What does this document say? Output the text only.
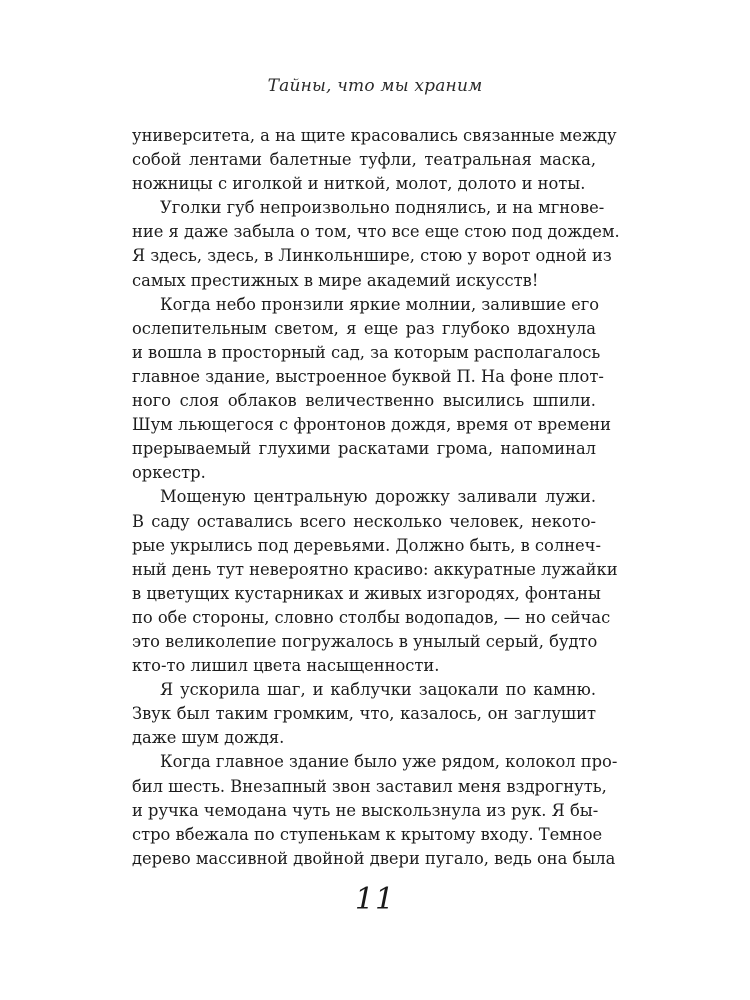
Тайны, что мы храним
университета, а на щите красовались связанные между
собой лентами балетные туфли, театральная маска,
ножницы с иголкой и ниткой, молот, долото и ноты.
Уголки губ непроизвольно поднялись, и на мгнове-
ние я даже забыла о том, что все еще стою под дождем.
Я здесь, здесь, в Линкольншире, стою у ворот одной из
самых престижных в мире академий искусств!
Когда небо пронзили яркие молнии, залившие его
ослепительным светом, я еще раз глубоко вдохнула
и вошла в просторный сад, за которым располагалось
главное здание, выстроенное буквой П. На фоне плот-
ного слоя облаков величественно высились шпили.
Шум льющегося с фронтонов дождя, время от времени
прерываемый глухими раскатами грома, напоминал
оркестр.
Мощеную центральную дорожку заливали лужи.
В саду оставались всего несколько человек, некото-
рые укрылись под деревьями. Должно быть, в солнеч-
ный день тут невероятно красиво: аккуратные лужайки
в цветущих кустарниках и живых изгородях, фонтаны
по обе стороны, словно столбы водопадов, — но сейчас
это великолепие погружалось в унылый серый, будто
кто-то лишил цвета насыщенности.
Я ускорила шаг, и каблучки зацокали по камню.
Звук был таким громким, что, казалось, он заглушит
даже шум дождя.
Когда главное здание было уже рядом, колокол про-
бил шесть. Внезапный звон заставил меня вздрогнуть,
и ручка чемодана чуть не выскользнула из рук. Я бы-
стро вбежала по ступенькам к крытому входу. Темное
дерево массивной двойной двери пугало, ведь она была
11
